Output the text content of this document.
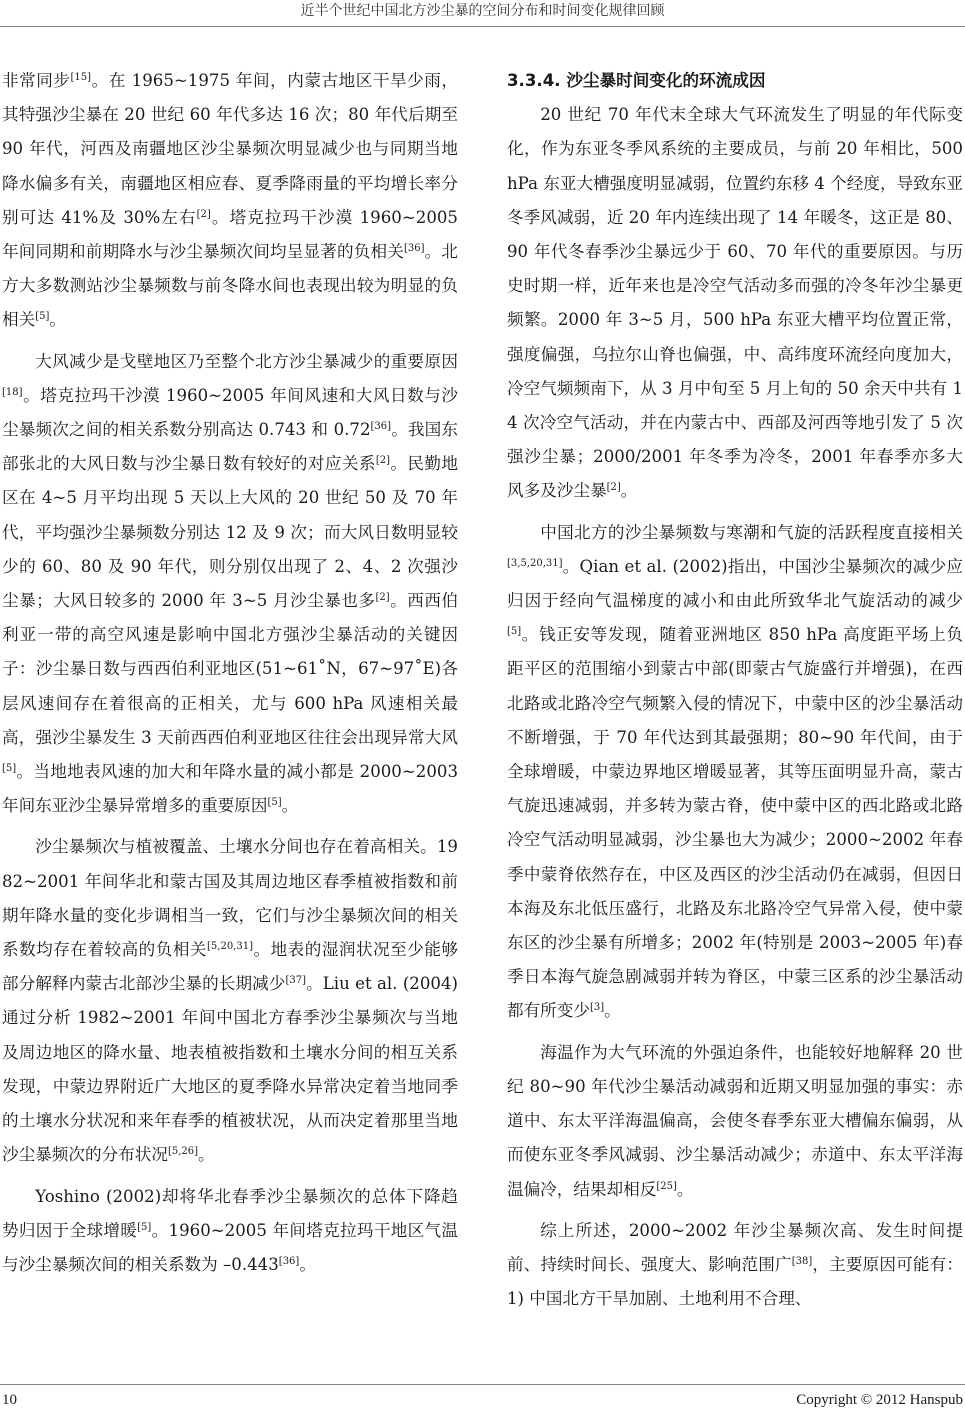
近半个世纪中国北方沙尘暴的空间分布和时间变化规律回顾

非常同步[15]。在 1965~1975 年间，内蒙古地区干旱少雨，其特强沙尘暴在 20 世纪 60 年代多达 16 次；80 年代后期至 90 年代，河西及南疆地区沙尘暴频次明显减少也与同期当地降水偏多有关，南疆地区相应春、夏季降雨量的平均增长率分别可达 41%及 30%左右[2]。塔克拉玛干沙漠 1960~2005 年间同期和前期降水与沙尘暴频次间均呈显著的负相关[36]。北方大多数测站沙尘暴频数与前冬降水间也表现出较为明显的负相关[5]。

大风减少是戈壁地区乃至整个北方沙尘暴减少的重要原因[18]。塔克拉玛干沙漠 1960~2005 年间风速和大风日数与沙尘暴频次之间的相关系数分别高达 0.743 和 0.72[36]。我国东部张北的大风日数与沙尘暴日数有较好的对应关系[2]。民勤地区在 4~5 月平均出现 5 天以上大风的 20 世纪 50 及 70 年代，平均强沙尘暴频数分别达 12 及 9 次；而大风日数明显较少的 60、80 及 90 年代，则分别仅出现了 2、4、2 次强沙尘暴；大风日较多的 2000 年 3~5 月沙尘暴也多[2]。西西伯利亚一带的高空风速是影响中国北方强沙尘暴活动的关键因子：沙尘暴日数与西西伯利亚地区(51~61˚N，67~97˚E)各层风速间存在着很高的正相关，尤与 600 hPa 风速相关最高，强沙尘暴发生 3 天前西西伯利亚地区往往会出现异常大风[5]。当地地表风速的加大和年降水量的减小都是 2000~2003 年间东亚沙尘暴异常增多的重要原因[5]。

沙尘暴频次与植被覆盖、土壤水分间也存在着高相关。1982~2001 年间华北和蒙古国及其周边地区春季植被指数和前期年降水量的变化步调相当一致，它们与沙尘暴频次间的相关系数均存在着较高的负相关[5,20,31]。地表的湿润状况至少能够部分解释内蒙古北部沙尘暴的长期减少[37]。Liu et al. (2004)通过分析 1982~2001 年间中国北方春季沙尘暴频次与当地及周边地区的降水量、地表植被指数和土壤水分间的相互关系发现，中蒙边界附近广大地区的夏季降水异常决定着当地同季的土壤水分状况和来年春季的植被状况，从而决定着那里当地沙尘暴频次的分布状况[5,26]。

Yoshino (2002)却将华北春季沙尘暴频次的总体下降趋势归因于全球增暖[5]。1960~2005 年间塔克拉玛干地区气温与沙尘暴频次间的相关系数为 –0.443[36]。

3.3.4. 沙尘暴时间变化的环流成因

20 世纪 70 年代末全球大气环流发生了明显的年代际变化，作为东亚冬季风系统的主要成员，与前 20 年相比，500 hPa 东亚大槽强度明显减弱，位置约东移 4 个经度，导致东亚冬季风减弱，近 20 年内连续出现了 14 年暖冬，这正是 80、90 年代冬春季沙尘暴远少于 60、70 年代的重要原因。与历史时期一样，近年来也是冷空气活动多而强的冷冬年沙尘暴更频繁。2000 年 3~5 月，500 hPa 东亚大槽平均位置正常，强度偏强，乌拉尔山脊也偏强，中、高纬度环流经向度加大，冷空气频频南下，从 3 月中旬至 5 月上旬的 50 余天中共有 14 次冷空气活动，并在内蒙古中、西部及河西等地引发了 5 次强沙尘暴；2000/2001 年冬季为冷冬，2001 年春季亦多大风多及沙尘暴[2]。

中国北方的沙尘暴频数与寒潮和气旋的活跃程度直接相关[3,5,20,31]。Qian et al. (2002)指出，中国沙尘暴频次的减少应归因于经向气温梯度的减小和由此所致华北气旋活动的减少[5]。钱正安等发现，随着亚洲地区 850 hPa 高度距平场上负距平区的范围缩小到蒙古中部(即蒙古气旋盛行并增强)，在西北路或北路冷空气频繁入侵的情况下，中蒙中区的沙尘暴活动不断增强，于 70 年代达到其最强期；80~90 年代间，由于全球增暖，中蒙边界地区增暖显著，其等压面明显升高，蒙古气旋迅速减弱，并多转为蒙古脊，使中蒙中区的西北路或北路冷空气活动明显减弱，沙尘暴也大为减少；2000~2002 年春季中蒙脊依然存在，中区及西区的沙尘活动仍在减弱，但因日本海及东北低压盛行，北路及东北路冷空气异常入侵，使中蒙东区的沙尘暴有所增多；2002 年(特别是 2003~2005 年)春季日本海气旋急剧减弱并转为脊区，中蒙三区系的沙尘暴活动都有所变少[3]。

海温作为大气环流的外强迫条件，也能较好地解释 20 世纪 80~90 年代沙尘暴活动减弱和近期又明显加强的事实：赤道中、东太平洋海温偏高，会使冬春季东亚大槽偏东偏弱，从而使东亚冬季风减弱、沙尘暴活动减少；赤道中、东太平洋海温偏冷，结果却相反[25]。

综上所述，2000~2002 年沙尘暴频次高、发生时间提前、持续时间长、强度大、影响范围广[38]，主要原因可能有：1) 中国北方干旱加剧、土地利用不合理、

10	Copyright © 2012 Hanspub
